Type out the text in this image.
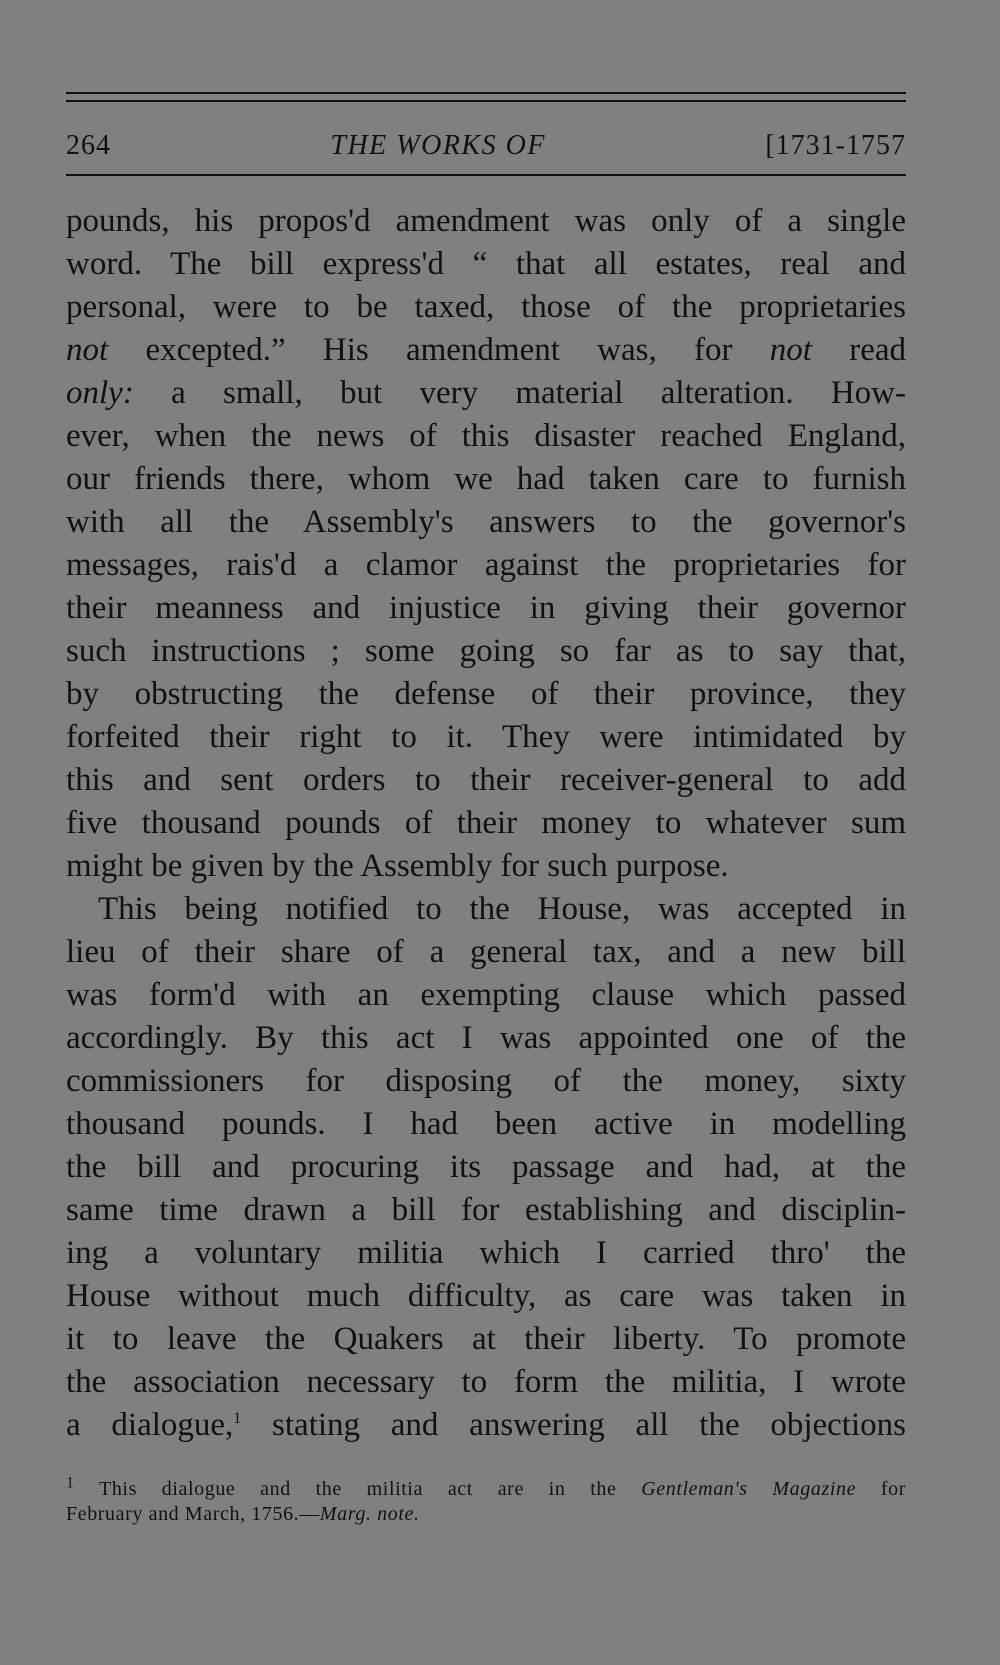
264	THE WORKS OF	[1731-1757
pounds, his propos'd amendment was only of a single
word. The bill express'd “ that all estates, real and
personal, were to be taxed, those of the proprietaries
not excepted.” His amendment was, for not read
only: a small, but very material alteration. How-
ever, when the news of this disaster reached England,
our friends there, whom we had taken care to furnish
with all the Assembly's answers to the governor's
messages, rais'd a clamor against the proprietaries for
their meanness and injustice in giving their governor
such instructions ; some going so far as to say that,
by obstructing the defense of their province, they
forfeited their right to it. They were intimidated by
this and sent orders to their receiver-general to add
five thousand pounds of their money to whatever sum
might be given by the Assembly for such purpose.
This being notified to the House, was accepted in
lieu of their share of a general tax, and a new bill
was form'd with an exempting clause which passed
accordingly. By this act I was appointed one of the
commissioners for disposing of the money, sixty
thousand pounds. I had been active in modelling
the bill and procuring its passage and had, at the
same time drawn a bill for establishing and disciplin-
ing a voluntary militia which I carried thro' the
House without much difficulty, as care was taken in
it to leave the Quakers at their liberty. To promote
the association necessary to form the militia, I wrote
a dialogue,$^1$ stating and answering all the objections
$^1$ This dialogue and the militia act are in the Gentleman's Magazine for
February and March, 1756.—Marg. note.
